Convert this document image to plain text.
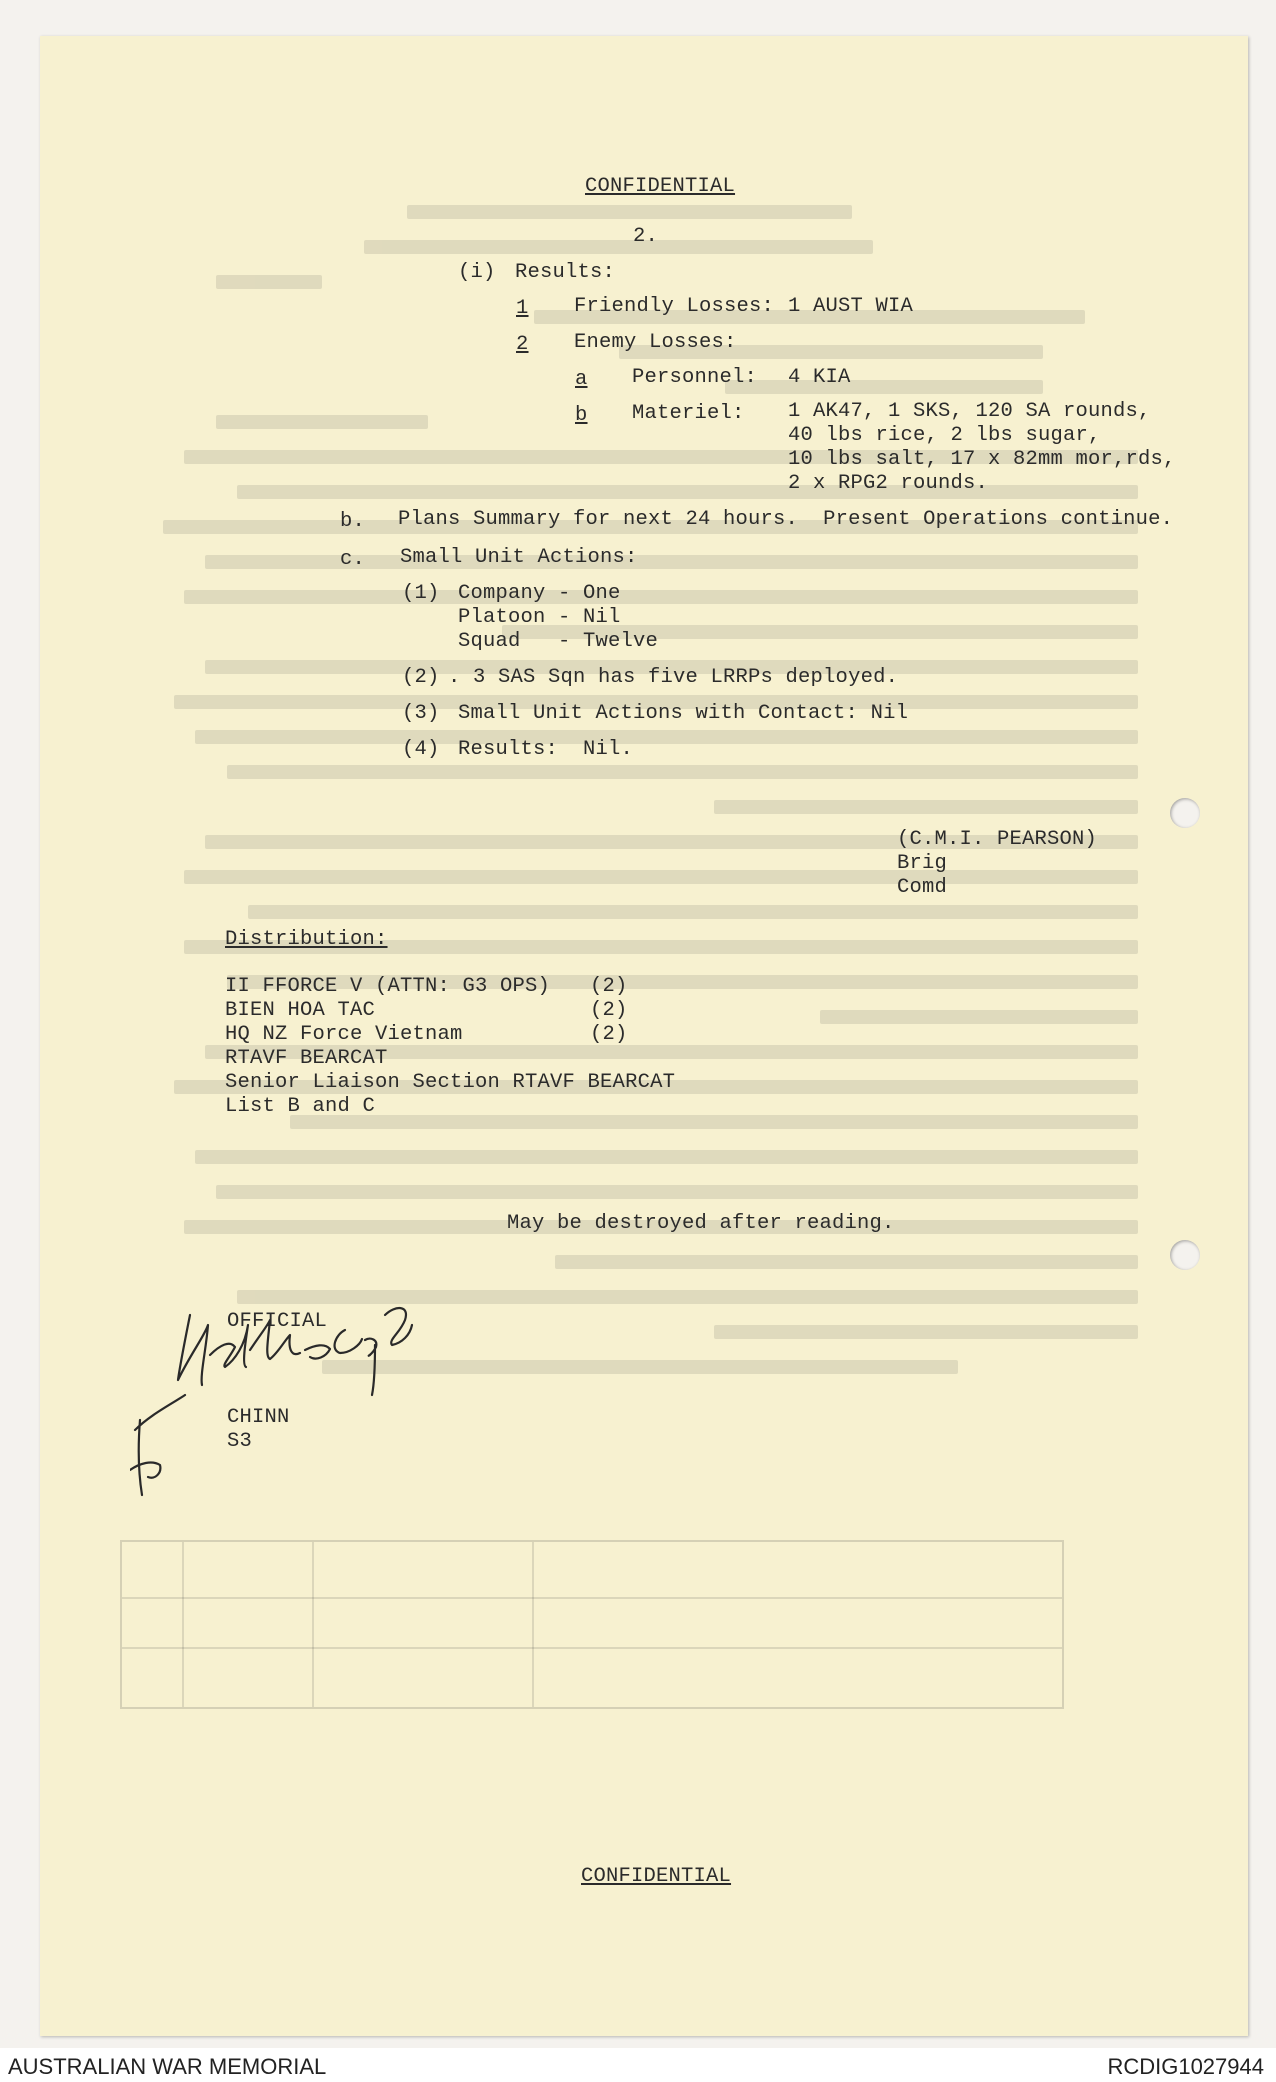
CONFIDENTIAL
2.
(i) Results:
1 Friendly Losses: 1 AUST WIA
2 Enemy Losses:
a Personnel: 4 KIA
b Materiel: 1 AK47, 1 SKS, 120 SA rounds,
40 lbs rice, 2 lbs sugar,
10 lbs salt, 17 x 82mm mor,rds,
2 x RPG2 rounds.
b. Plans Summary for next 24 hours.  Present Operations continue.
c. Small Unit Actions:
(1) Company - One
Platoon - Nil
Squad   - Twelve
(2) . 3 SAS Sqn has five LRRPs deployed.
(3) Small Unit Actions with Contact: Nil
(4) Results:  Nil.
(C.M.I. PEARSON)
Brig
Comd
Distribution:
II FFORCE V (ATTN: G3 OPS) (2)
BIEN HOA TAC	(2)
HQ NZ Force Vietnam	(2)
RTAVF BEARCAT
Senior Liaison Section RTAVF BEARCAT
List B and C
May be destroyed after reading.
OFFICIAL
CHINN
S3
CONFIDENTIAL
AUSTRALIAN WAR MEMORIAL	RCDIG1027944
